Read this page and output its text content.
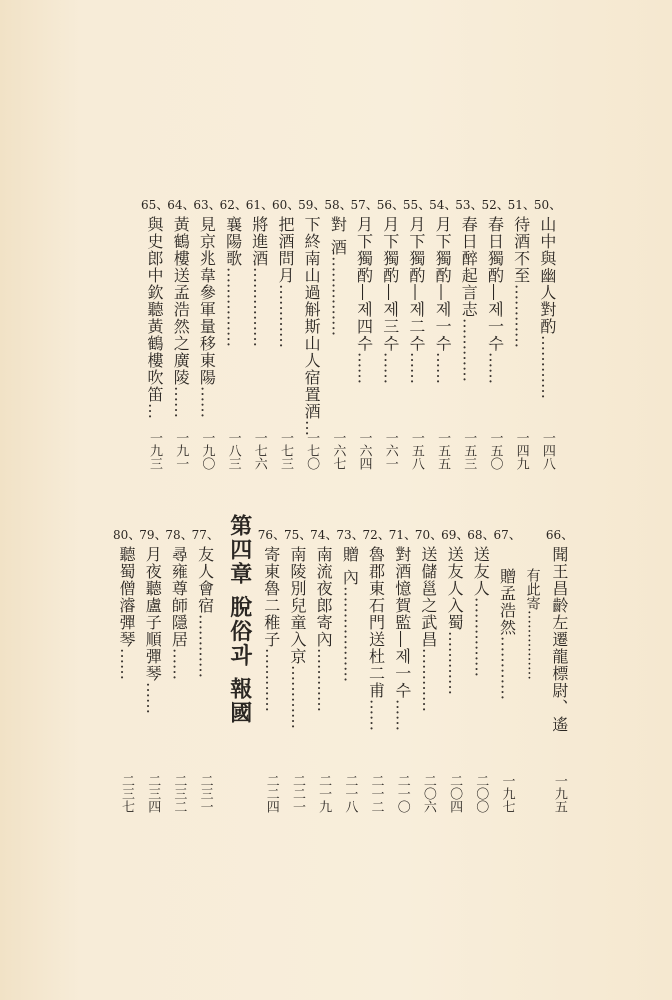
50、
山中與幽人對酌…………
一四八
51、
待酒不至…………
一四九
52、
春日獨酌―제一수……
一五〇
53、
春日醉起言志…………
一五三
54、
月下獨酌―제一수……
一五五
55、
月下獨酌―제二수……
一五八
56、
月下獨酌―제三수……
一六一
57、
月下獨酌―제四수……
一六四
58、
對 酒……………
一六七
59、
下終南山過斛斯山人宿置酒…
一七〇
60、
把酒問月…………
一七三
61、
將進酒……………
一七六
62、
襄陽歌……………
一八三
63、
見京兆韋參軍量移東陽……
一九〇
64、
黃鶴樓送孟浩然之廣陵……
一九一
65、
與史郎中欽聽黃鶴樓吹笛…
一九三
66、
聞王昌齡左遷龍標尉、遙
一九五
有此寄……………
67、
贈孟浩然…………
一九七
68、
送友人……………
二〇〇
69、
送友人入蜀…………
二〇四
70、
送儲邕之武昌…………
二〇六
71、
對酒憶賀監―제一수……
二一〇
72、
魯郡東石門送杜二甫……
二一二
73、
贈 內………………
二一八
74、
南流夜郎寄內…………
二一九
75、
南陵別兒童入京…………
二二一
76、
寄東魯二稚子…………
二二四
第四章 脫俗과 報國
77、
友人會宿…………
二三一
78、
尋雍尊師隱居……
二三二
79、
月夜聽盧子順彈琴……
二三四
80、
聽蜀僧濬彈琴……
二三七
